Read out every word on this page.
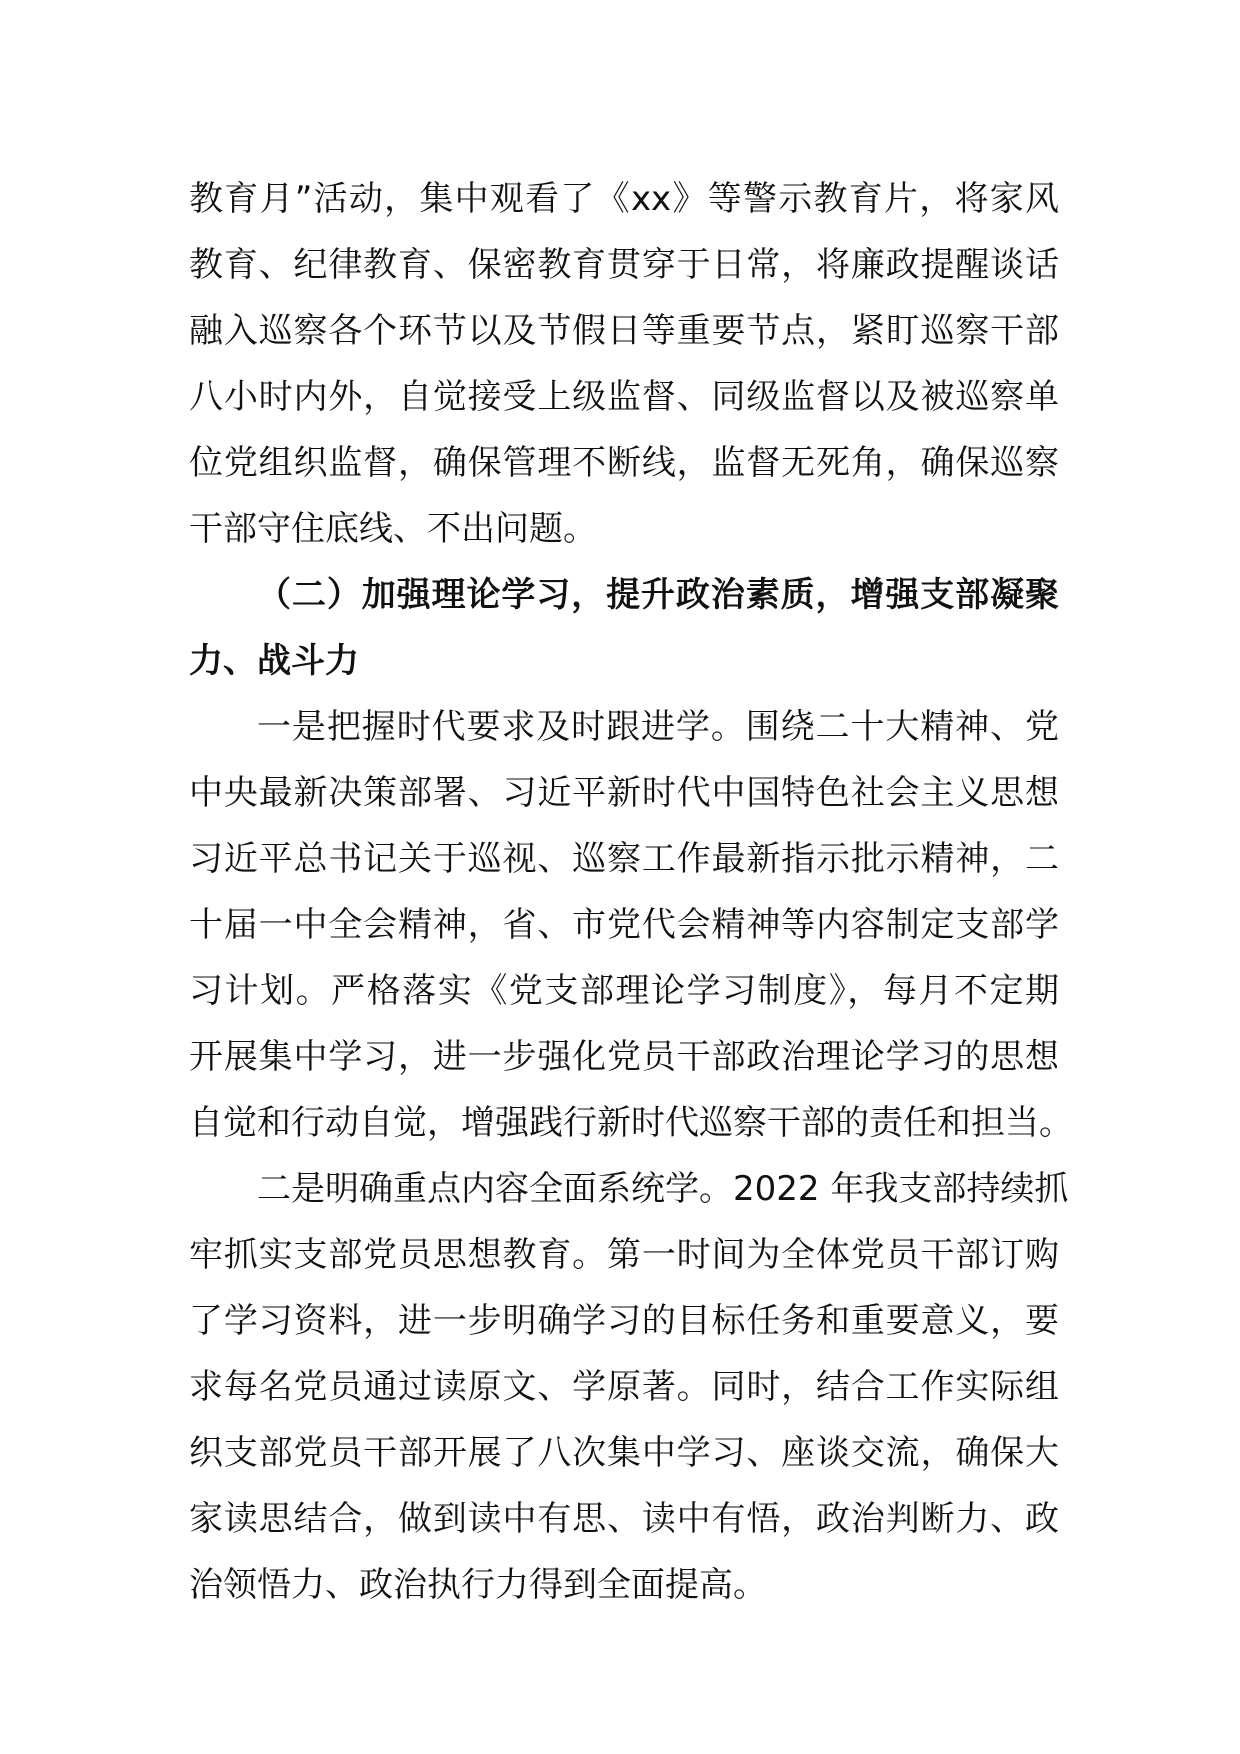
教育月”活动，集中观看了《xx》等警示教育片，将家风
教育、纪律教育、保密教育贯穿于日常，将廉政提醒谈话
融入巡察各个环节以及节假日等重要节点，紧盯巡察干部
八小时内外，自觉接受上级监督、同级监督以及被巡察单
位党组织监督，确保管理不断线，监督无死角，确保巡察
干部守住底线、不出问题。
（二）加强理论学习，提升政治素质，增强支部凝聚
力、战斗力
一是把握时代要求及时跟进学。围绕二十大精神、党
中央最新决策部署、习近平新时代中国特色社会主义思想
习近平总书记关于巡视、巡察工作最新指示批示精神，二
十届一中全会精神，省、市党代会精神等内容制定支部学
习计划。严格落实《党支部理论学习制度》，每月不定期
开展集中学习，进一步强化党员干部政治理论学习的思想
自觉和行动自觉，增强践行新时代巡察干部的责任和担当。
二是明确重点内容全面系统学。2022 年我支部持续抓
牢抓实支部党员思想教育。第一时间为全体党员干部订购
了学习资料，进一步明确学习的目标任务和重要意义，要
求每名党员通过读原文、学原著。同时，结合工作实际组
织支部党员干部开展了八次集中学习、座谈交流，确保大
家读思结合，做到读中有思、读中有悟，政治判断力、政
治领悟力、政治执行力得到全面提高。
